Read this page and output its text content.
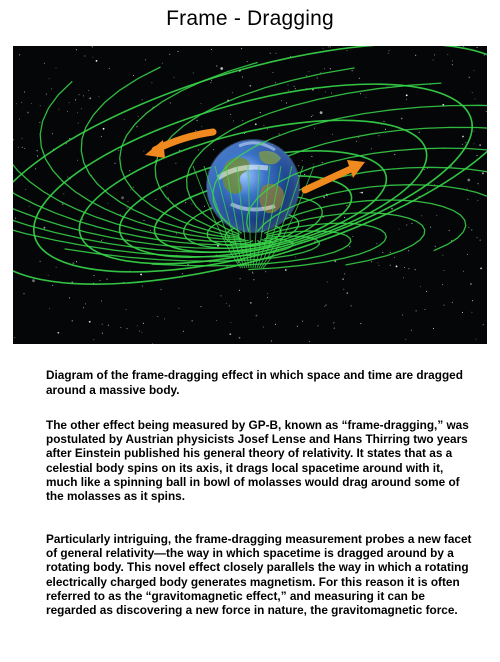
Frame - Dragging
Diagram of the frame-dragging effect in which space and time are dragged around a massive body.
The other effect being measured by GP-B, known as “frame-dragging,” was postulated by Austrian physicists Josef Lense and Hans Thirring two years after Einstein published his general theory of relativity. It states that as a celestial body spins on its axis, it drags local spacetime around with it, much like a spinning ball in bowl of molasses would drag around some of the molasses as it spins.
Particularly intriguing, the frame-dragging measurement probes a new facet of general relativity—the way in which spacetime is dragged around by a rotating body. This novel effect closely parallels the way in which a rotating electrically charged body generates magnetism. For this reason it is often referred to as the “gravitomagnetic effect,” and measuring it can be regarded as discovering a new force in nature, the gravitomagnetic force.
